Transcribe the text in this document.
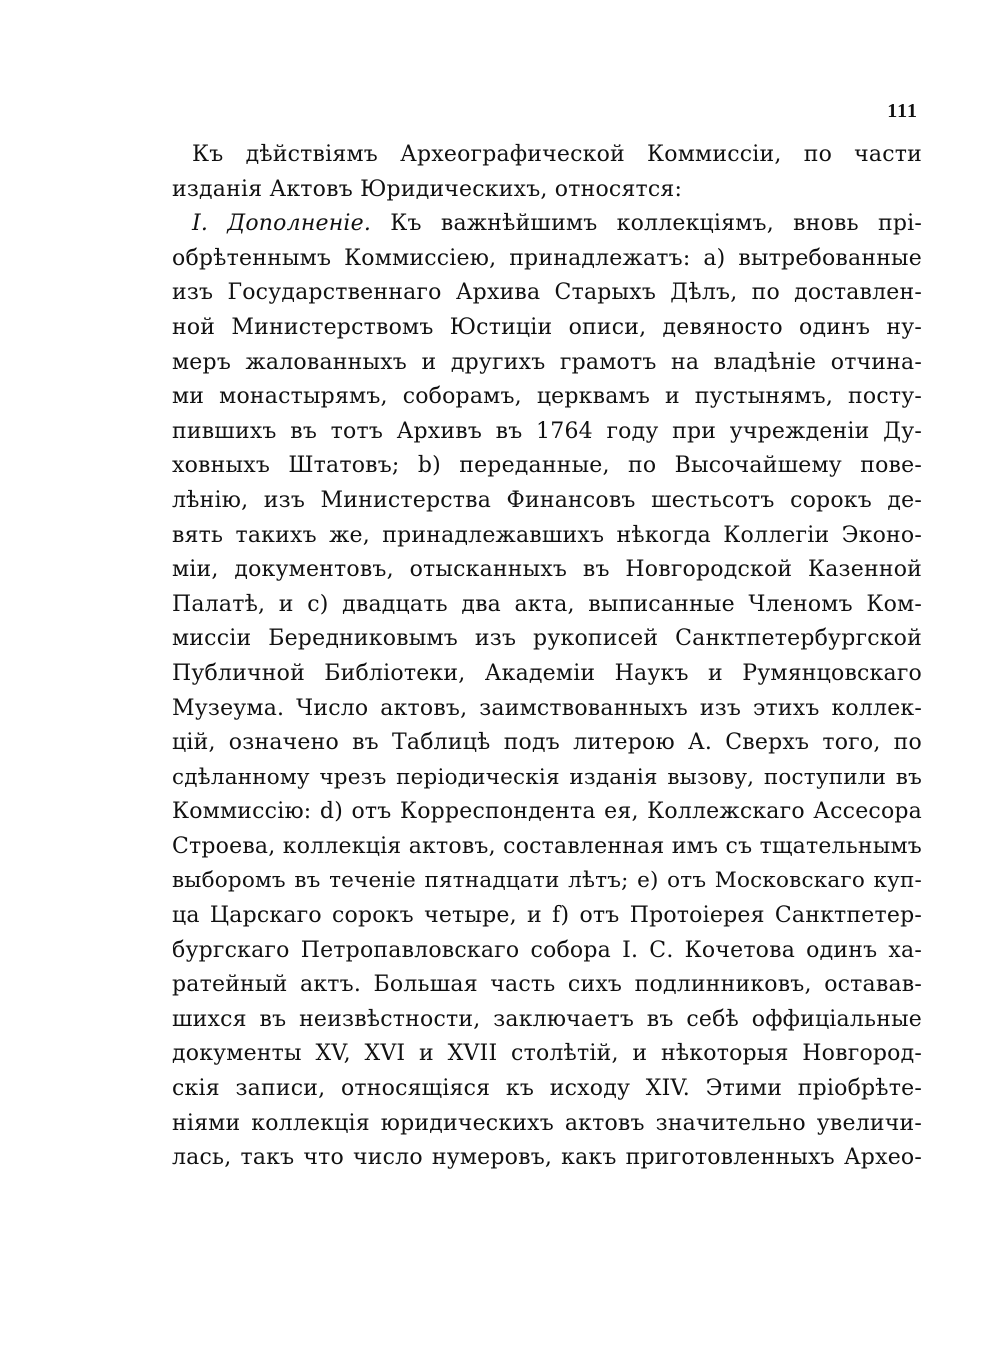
111
Къ дѣйствіямъ Археографической Коммиссіи, по части
изданія Актовъ Юридическихъ, относятся:
I. Дополненіе. Къ важнѣйшимъ коллекціямъ, вновь прі-
обрѣтеннымъ Коммиссіею, принадлежатъ: а) вытребованные
изъ Государственнаго Архива Старыхъ Дѣлъ, по доставлен-
ной Министерствомъ Юстиціи описи, девяносто одинъ ну-
меръ жалованныхъ и другихъ грамотъ на владѣніе отчина-
ми монастырямъ, соборамъ, церквамъ и пустынямъ, посту-
пившихъ въ тотъ Архивъ въ 1764 году при учрежденіи Ду-
ховныхъ Штатовъ; b) переданные, по Высочайшему пове-
лѣнію, изъ Министерства Финансовъ шестьсотъ сорокъ де-
вять такихъ же, принадлежавшихъ нѣкогда Коллегіи Эконо-
міи, документовъ, отысканныхъ въ Новгородской Казенной
Палатѣ, и с) двадцать два акта, выписанные Членомъ Ком-
миссіи Бередниковымъ изъ рукописей Санктпетербургской
Публичной Библіотеки, Академіи Наукъ и Румянцовскаго
Музеума. Число актовъ, заимствованныхъ изъ этихъ коллек-
цій, означено въ Таблицѣ подъ литерою А. Сверхъ того, по
сдѣланному чрезъ періодическія изданія вызову, поступили въ
Коммиссію: d) отъ Корреспондента ея, Коллежскаго Ассесора
Строева, коллекція актовъ, составленная имъ съ тщательнымъ
выборомъ въ теченіе пятнадцати лѣтъ; е) отъ Московскаго куп-
ца Царскаго сорокъ четыре, и f) отъ Протоіерея Санктпетер-
бургскаго Петропавловскаго собора І. С. Кочетова одинъ ха-
ратейный актъ. Большая часть сихъ подлинниковъ, оставав-
шихся въ неизвѣстности, заключаетъ въ себѣ оффиціальные
документы XV, XVI и XVII столѣтій, и нѣкоторыя Новгород-
скія записи, относящіяся къ исходу XIV. Этими пріобрѣте-
ніями коллекція юридическихъ актовъ значительно увеличи-
лась, такъ что число нумеровъ, какъ приготовленныхъ Архео-
